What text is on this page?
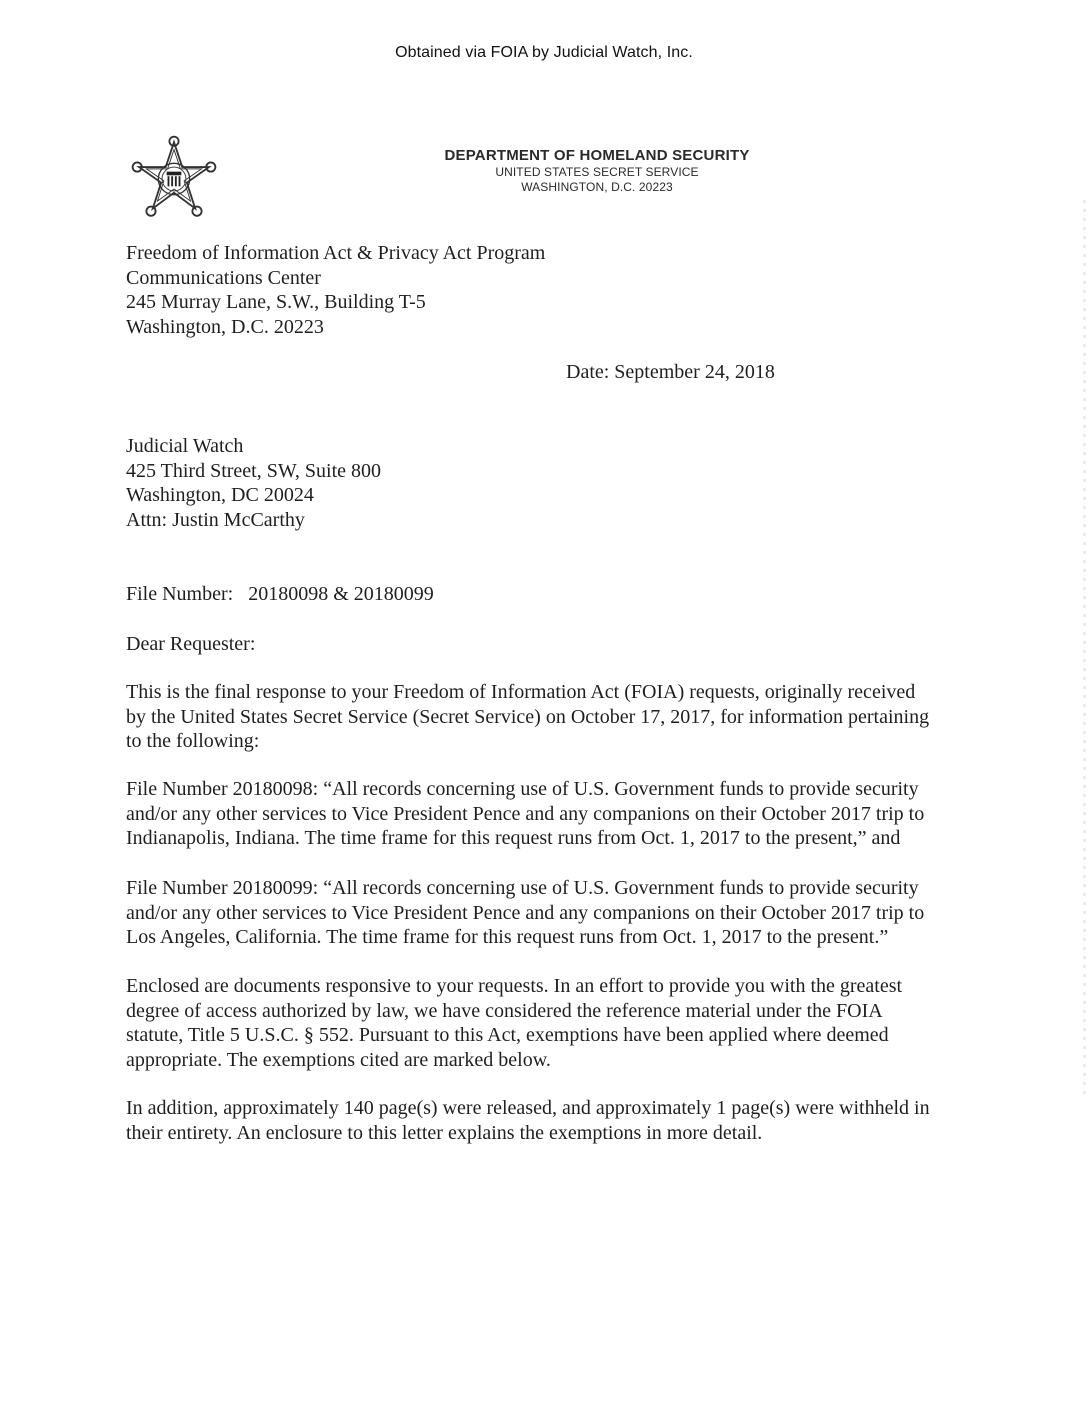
Obtained via FOIA by Judicial Watch, Inc.
DEPARTMENT OF HOMELAND SECURITY
UNITED STATES SECRET SERVICE
WASHINGTON, D.C. 20223
Freedom of Information Act & Privacy Act Program
Communications Center
245 Murray Lane, S.W., Building T-5
Washington, D.C. 20223
Date: September 24, 2018
Judicial Watch
425 Third Street, SW, Suite 800
Washington, DC 20024
Attn: Justin McCarthy
File Number: 20180098 & 20180099
Dear Requester:
This is the final response to your Freedom of Information Act (FOIA) requests, originally received
by the United States Secret Service (Secret Service) on October 17, 2017, for information pertaining
to the following:
File Number 20180098: “All records concerning use of U.S. Government funds to provide security
and/or any other services to Vice President Pence and any companions on their October 2017 trip to
Indianapolis, Indiana. The time frame for this request runs from Oct. 1, 2017 to the present,” and
File Number 20180099: “All records concerning use of U.S. Government funds to provide security
and/or any other services to Vice President Pence and any companions on their October 2017 trip to
Los Angeles, California. The time frame for this request runs from Oct. 1, 2017 to the present.”
Enclosed are documents responsive to your requests. In an effort to provide you with the greatest
degree of access authorized by law, we have considered the reference material under the FOIA
statute, Title 5 U.S.C. § 552. Pursuant to this Act, exemptions have been applied where deemed
appropriate. The exemptions cited are marked below.
In addition, approximately 140 page(s) were released, and approximately 1 page(s) were withheld in
their entirety. An enclosure to this letter explains the exemptions in more detail.
